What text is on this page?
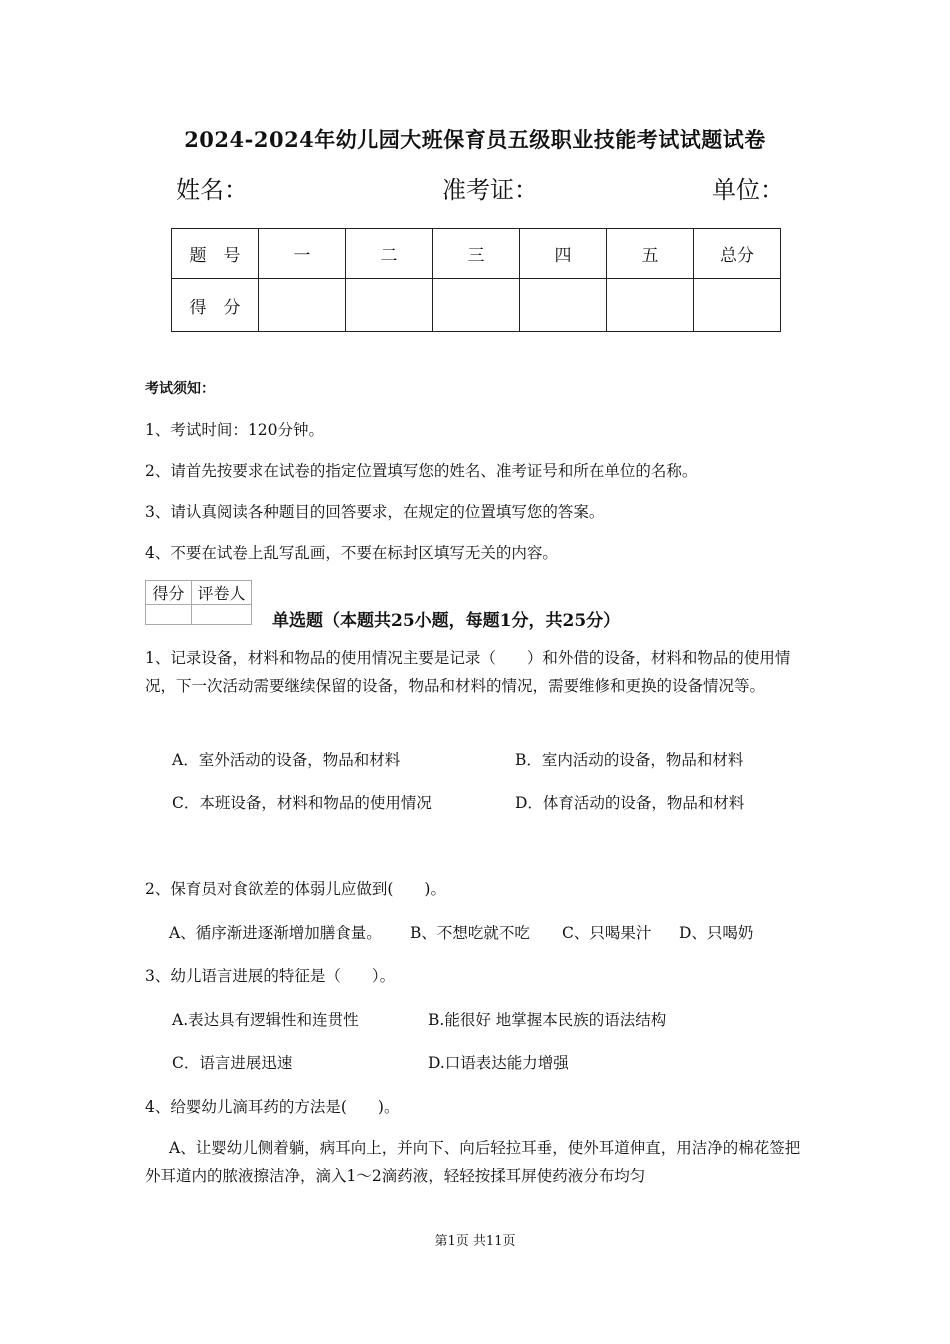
2024-2024年幼儿园大班保育员五级职业技能考试试题试卷
姓名：	准考证：	单位：
题　号	一	二	三	四	五	总分
得　分						
考试须知：
1、考试时间：120分钟。
2、请首先按要求在试卷的指定位置填写您的姓名、准考证号和所在单位的名称。
3、请认真阅读各种题目的回答要求，在规定的位置填写您的答案。
4、不要在试卷上乱写乱画，不要在标封区填写无关的内容。
得分	评卷人

单选题（本题共25小题，每题1分，共25分）
1、记录设备，材料和物品的使用情况主要是记录（　　）和外借的设备，材料和物品的使用情况，下一次活动需要继续保留的设备，物品和材料的情况，需要维修和更换的设备情况等。
A．室外活动的设备，物品和材料	B．室内活动的设备，物品和材料
C．本班设备，材料和物品的使用情况	D．体育活动的设备，物品和材料
2、保育员对食欲差的体弱儿应做到(　　)。
A、循序渐进逐渐增加膳食量。 B、不想吃就不吃 C、只喝果汁 D、只喝奶
3、幼儿语言进展的特征是（　　）。
A.表达具有逻辑性和连贯性	B.能很好 地掌握本民族的语法结构
C．语言进展迅速	D.口语表达能力增强
4、给婴幼儿滴耳药的方法是(　　)。
A、让婴幼儿侧着躺，病耳向上，并向下、向后轻拉耳垂，使外耳道伸直，用洁净的棉花签把外耳道内的脓液擦洁净，滴入1～2滴药液，轻轻按揉耳屏使药液分布均匀
第1页 共11页
